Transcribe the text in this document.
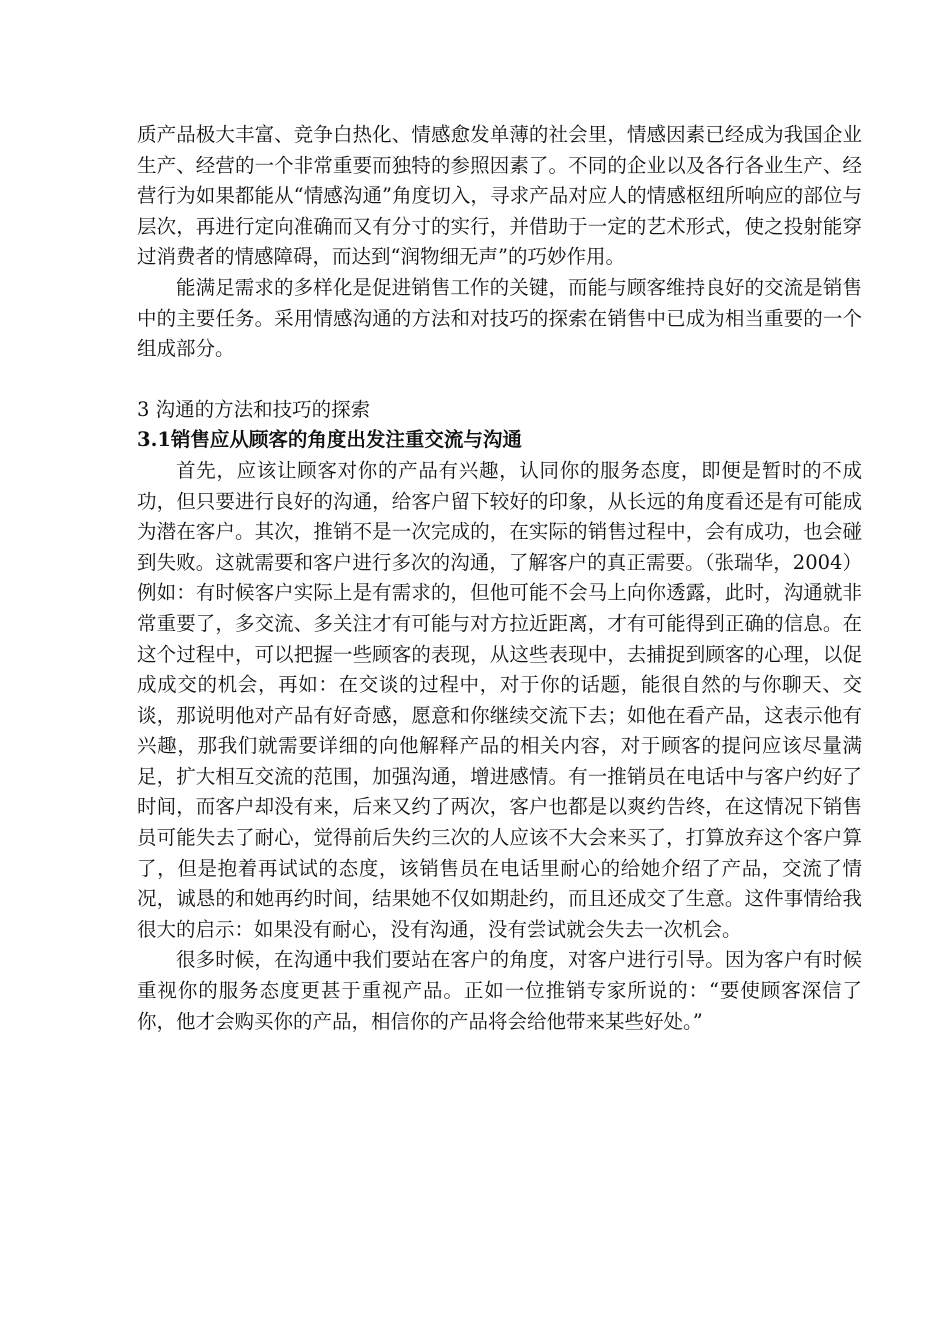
质产品极大丰富、竞争白热化、情感愈发单薄的社会里，情感因素已经成为我国企业生产、经营的一个非常重要而独特的参照因素了。不同的企业以及各行各业生产、经营行为如果都能从“情感沟通”角度切入，寻求产品对应人的情感枢纽所响应的部位与层次，再进行定向准确而又有分寸的实行，并借助于一定的艺术形式，使之投射能穿过消费者的情感障碍，而达到“润物细无声”的巧妙作用。

能满足需求的多样化是促进销售工作的关键，而能与顾客维持良好的交流是销售中的主要任务。采用情感沟通的方法和对技巧的探索在销售中已成为相当重要的一个组成部分。

3 沟通的方法和技巧的探索
3.1销售应从顾客的角度出发注重交流与沟通

首先，应该让顾客对你的产品有兴趣，认同你的服务态度，即便是暂时的不成功，但只要进行良好的沟通，给客户留下较好的印象，从长远的角度看还是有可能成为潜在客户。其次，推销不是一次完成的，在实际的销售过程中，会有成功，也会碰到失败。这就需要和客户进行多次的沟通，了解客户的真正需要。（张瑞华，2004）例如：有时候客户实际上是有需求的，但他可能不会马上向你透露，此时，沟通就非常重要了，多交流、多关注才有可能与对方拉近距离，才有可能得到正确的信息。在这个过程中，可以把握一些顾客的表现，从这些表现中，去捕捉到顾客的心理，以促成成交的机会，再如：在交谈的过程中，对于你的话题，能很自然的与你聊天、交谈，那说明他对产品有好奇感，愿意和你继续交流下去；如他在看产品，这表示他有兴趣，那我们就需要详细的向他解释产品的相关内容，对于顾客的提问应该尽量满足，扩大相互交流的范围，加强沟通，增进感情。有一推销员在电话中与客户约好了时间，而客户却没有来，后来又约了两次，客户也都是以爽约告终，在这情况下销售员可能失去了耐心，觉得前后失约三次的人应该不大会来买了，打算放弃这个客户算了，但是抱着再试试的态度，该销售员在电话里耐心的给她介绍了产品，交流了情况，诚恳的和她再约时间，结果她不仅如期赴约，而且还成交了生意。这件事情给我很大的启示：如果没有耐心，没有沟通，没有尝试就会失去一次机会。

很多时候，在沟通中我们要站在客户的角度，对客户进行引导。因为客户有时候重视你的服务态度更甚于重视产品。正如一位推销专家所说的：“要使顾客深信了你，他才会购买你的产品，相信你的产品将会给他带来某些好处。”
